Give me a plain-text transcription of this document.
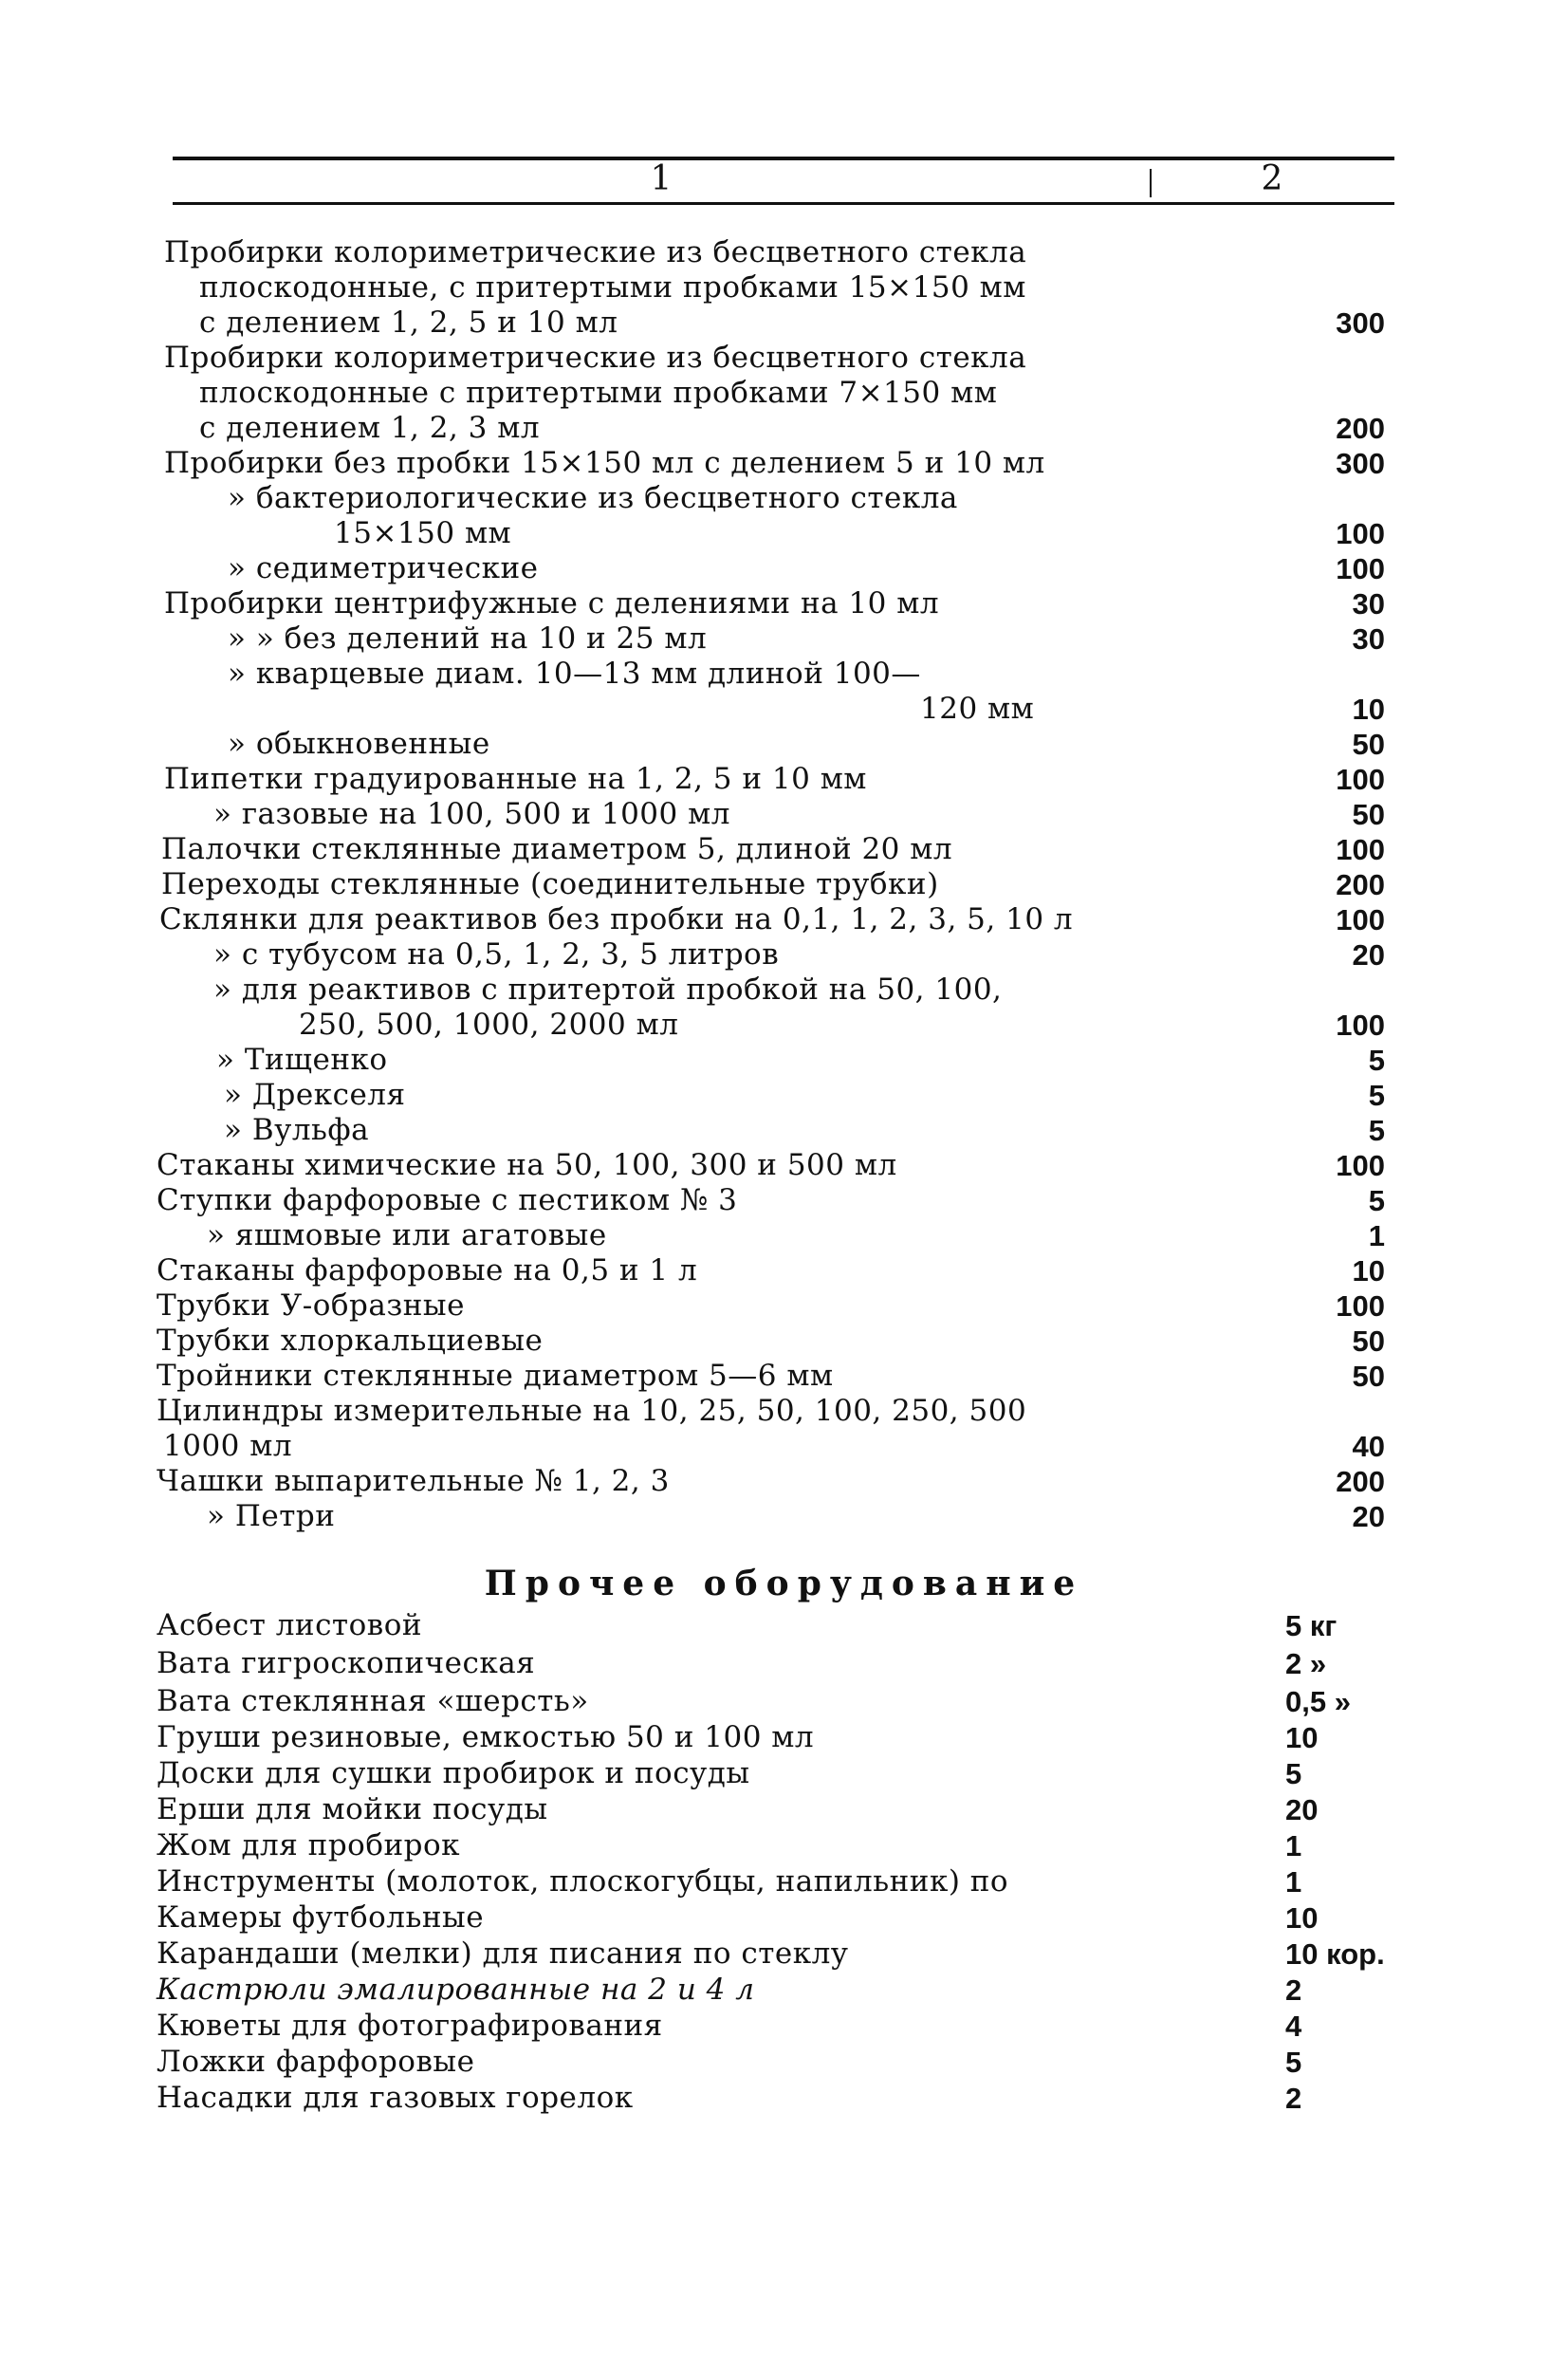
1	2
Пробирки колориметрические из бесцветного стекла
плоскодонные, с притертыми пробками 15×150 мм
с делением 1, 2, 5 и 10 мл	300
Пробирки колориметрические из бесцветного стекла
плоскодонные с притертыми пробками 7×150 мм
с делением 1, 2, 3 мл	200
Пробирки без пробки 15×150 мл с делением 5 и 10 мл	300
» бактериологические из бесцветного стекла
15×150 мм	100
» седиметрические	100
Пробирки центрифужные с делениями на 10 мл	30
» » без делений на 10 и 25 мл	30
» кварцевые диам. 10—13 мм длиной 100—
120 мм	10
» обыкновенные	50
Пипетки градуированные на 1, 2, 5 и 10 мм	100
» газовые на 100, 500 и 1000 мл	50
Палочки стеклянные диаметром 5, длиной 20 мл	100
Переходы стеклянные (соединительные трубки)	200
Склянки для реактивов без пробки на 0,1, 1, 2, 3, 5, 10 л	100
» с тубусом на 0,5, 1, 2, 3, 5 литров	20
» для реактивов с притертой пробкой на 50, 100,
250, 500, 1000, 2000 мл	100
» Тищенко	5
» Дрекселя	5
» Вульфа	5
Стаканы химические на 50, 100, 300 и 500 мл	100
Ступки фарфоровые с пестиком № 3	5
» яшмовые или агатовые	1
Стаканы фарфоровые на 0,5 и 1 л	10
Трубки У-образные	100
Трубки хлоркальциевые	50
Тройники стеклянные диаметром 5—6 мм	50
Цилиндры измерительные на 10, 25, 50, 100, 250, 500
1000 мл	40
Чашки выпарительные № 1, 2, 3	200
» Петри	20
Асбест листовой	5 кг
Вата гигроскопическая	2 »
Вата стеклянная «шерсть»	0,5 »
Груши резиновые, емкостью 50 и 100 мл	10
Доски для сушки пробирок и посуды	5
Ерши для мойки посуды	20
Жом для пробирок	1
Инструменты (молоток, плоскогубцы, напильник) по	1
Камеры футбольные	10
Карандаши (мелки) для писания по стеклу	10 кор.
Кастрюли эмалированные на 2 и 4 л	2
Кюветы для фотографирования	4
Ложки фарфоровые	5
Насадки для газовых горелок	2
Прочее оборудование
